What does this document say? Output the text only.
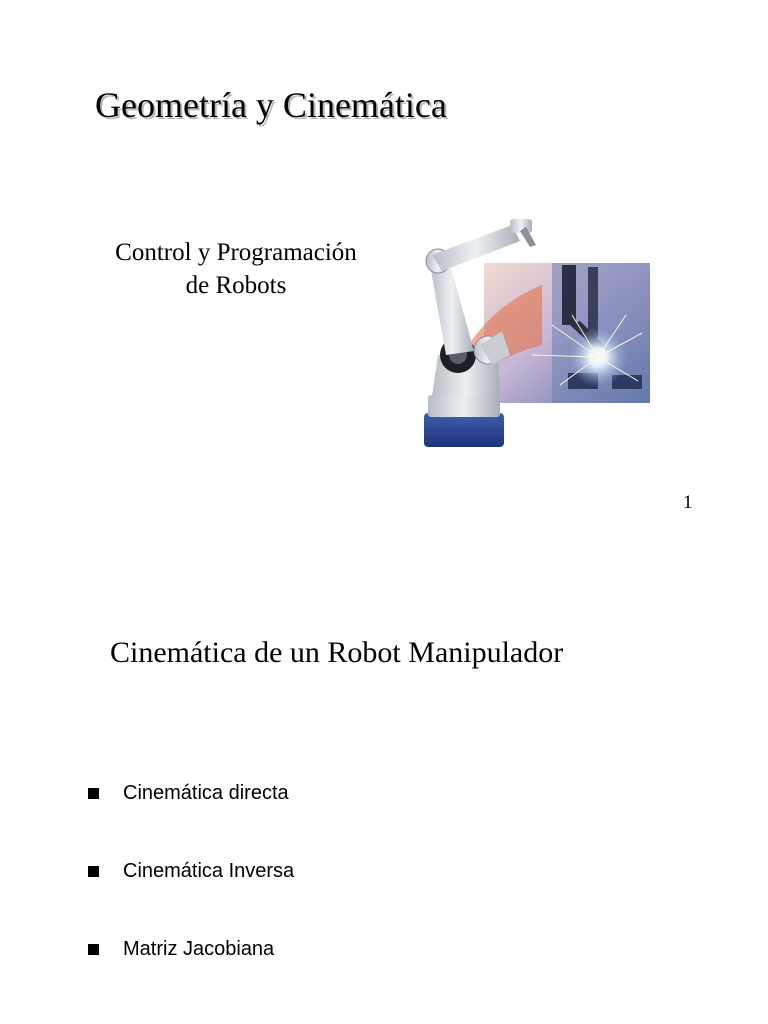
Geometría y Cinemática
Control y Programación
de Robots
1
Cinemática de un Robot Manipulador
Cinemática directa
Cinemática Inversa
Matriz Jacobiana
